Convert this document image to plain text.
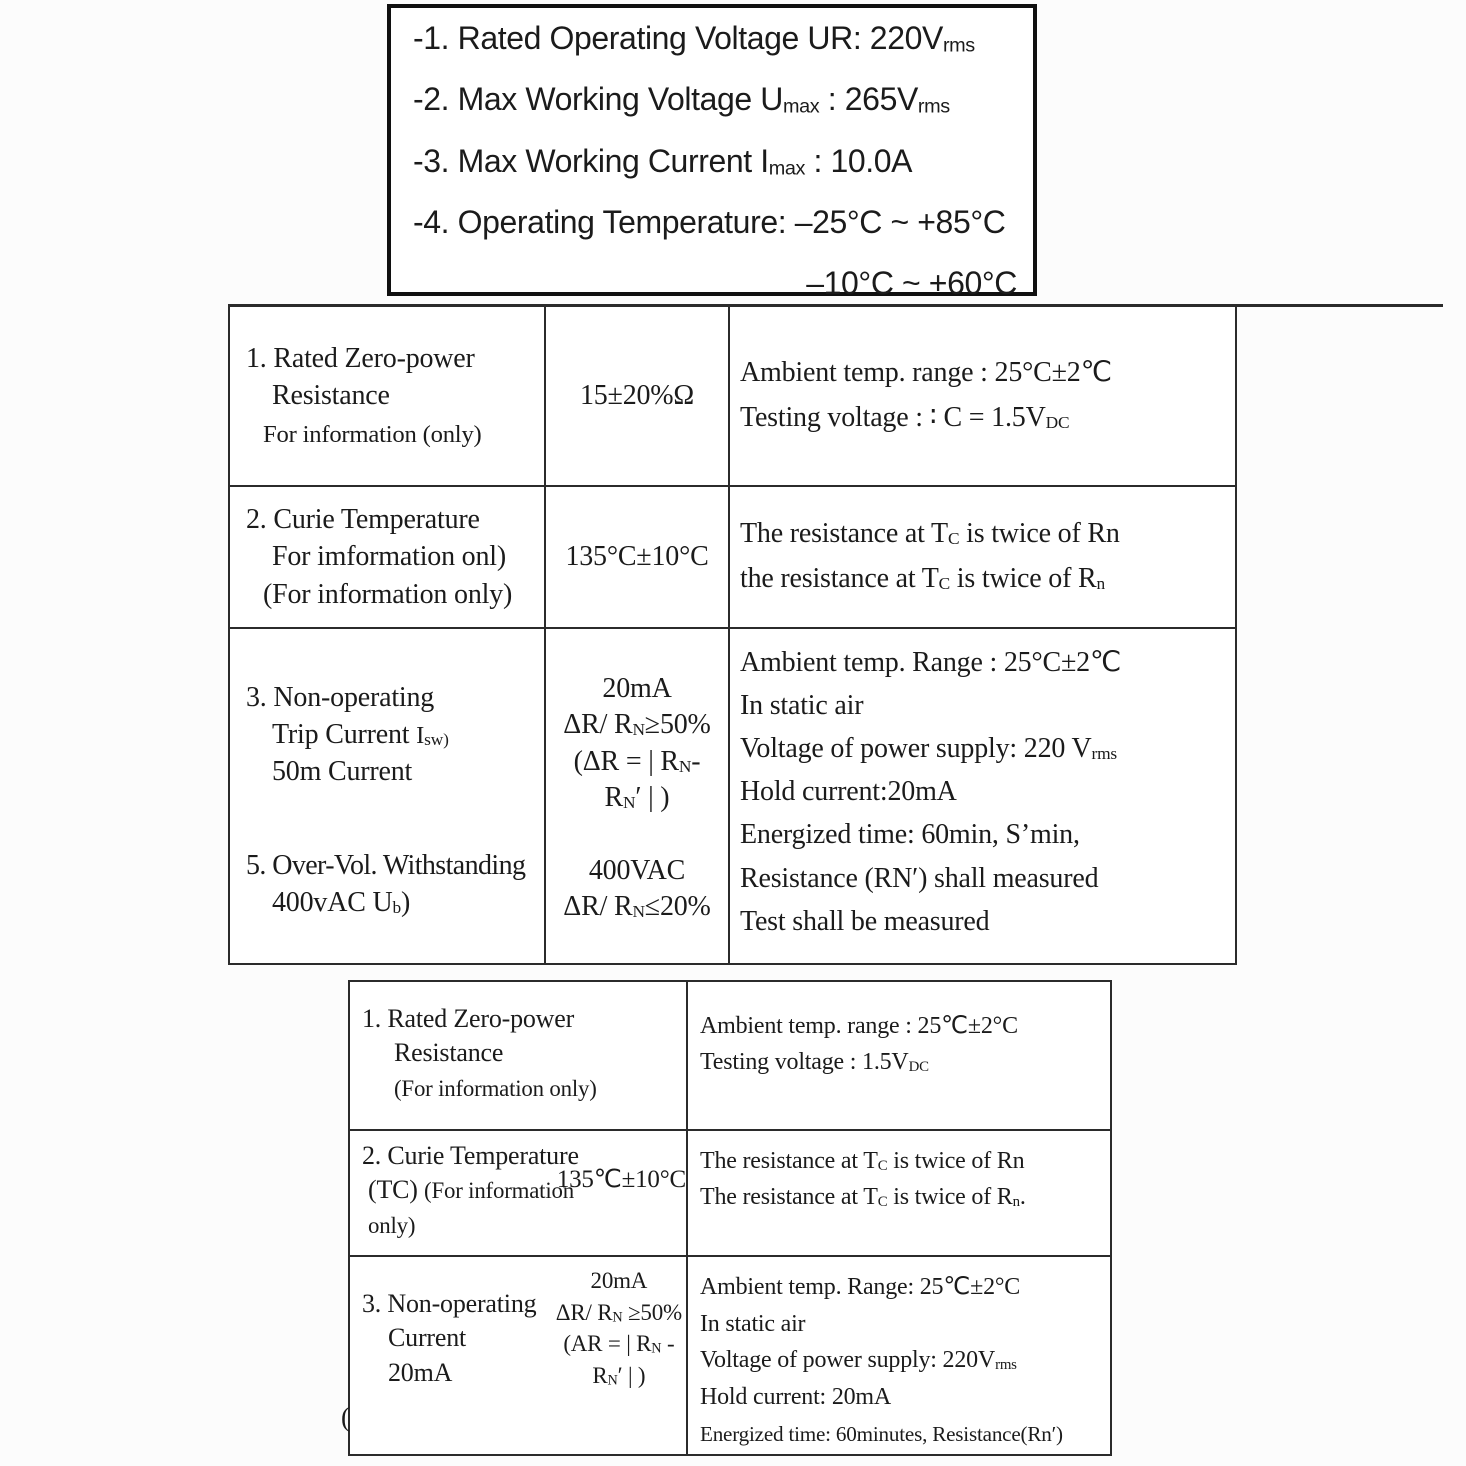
-1. Rated Operating Voltage UR: 220Vrms
-2. Max Working Voltage Umax : 265Vrms
-3. Max Working Current Imax : 10.0A
-4. Operating Temperature: –25°C ~ +85°C
–10°C ~ +60°C
1. Rated Zero-power
Resistance
For information (only)
15±20%Ω
Ambient temp. range : 25°C±2℃
Testing voltage : ∶ C = 1.5VDC
2. Curie Temperature
For imformation onl)
(For information only)
135°C±10°C
The resistance at TC is twice of Rn
the resistance at TC is twice of Rn
3. Non-operating
Trip Current Isw)
50m Current
5. Over-Vol. Withstanding
400vAC Ub)
20mA
ΔR/ RN≥50%
(ΔR = | RN-
RN′ | )
400VAC
ΔR/ RN≤20%
Ambient temp. Range : 25°C±2℃
In static air
Voltage of power supply: 220 Vrms
Hold current:20mA
Energized time: 60min, S’min,
Resistance (RN′) shall measured
Test shall be measured
1. Rated Zero-power
Resistance
(For information only)
Ambient temp. range : 25℃±2°C
Testing voltage : 1.5VDC
2. Curie Temperature
(TC) (For information
only)
135℃±10°C
The resistance at TC is twice of Rn
The resistance at TC is twice of Rn.
3. Non-operating
Current
20mA
20mA
ΔR/ RN ≥50%
(AR = | RN -
RN′ | )
Ambient temp. Range: 25℃±2°C
In static air
Voltage of power supply: 220Vrms
Hold current: 20mA
Energized time: 60minutes, Resistance(Rn′)
(
